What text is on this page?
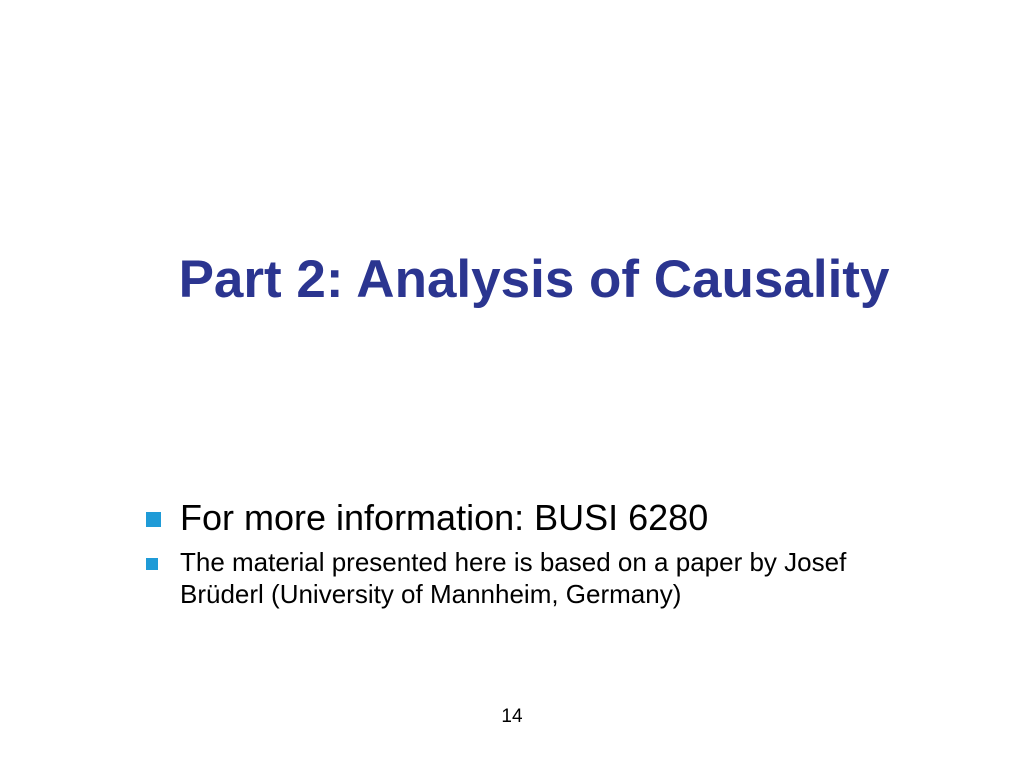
Part 2: Analysis of Causality
For more information: BUSI 6280
The material presented here is based on a paper by Josef Brüderl (University of Mannheim, Germany)
14
